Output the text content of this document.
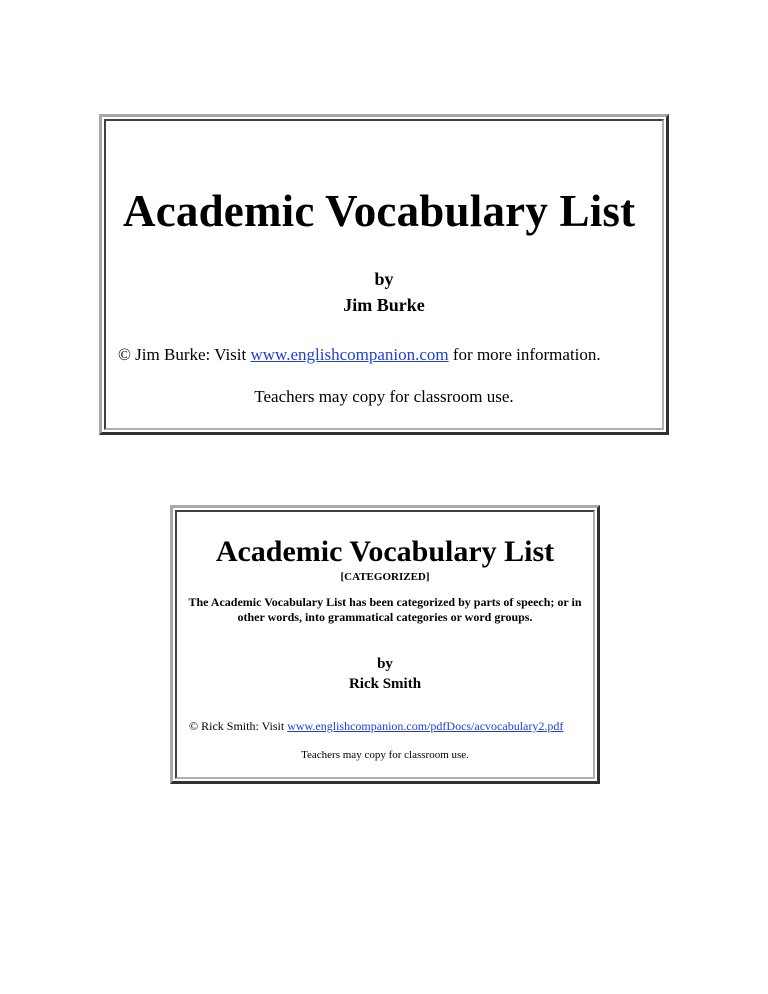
Academic Vocabulary List
by
Jim Burke
© Jim Burke: Visit www.englishcompanion.com for more information.
Teachers may copy for classroom use.
Academic Vocabulary List
[CATEGORIZED]
The Academic Vocabulary List has been categorized by parts of speech; or in other words, into grammatical categories or word groups.
by
Rick Smith
© Rick Smith: Visit www.englishcompanion.com/pdfDocs/acvocabulary2.pdf
Teachers may copy for classroom use.
